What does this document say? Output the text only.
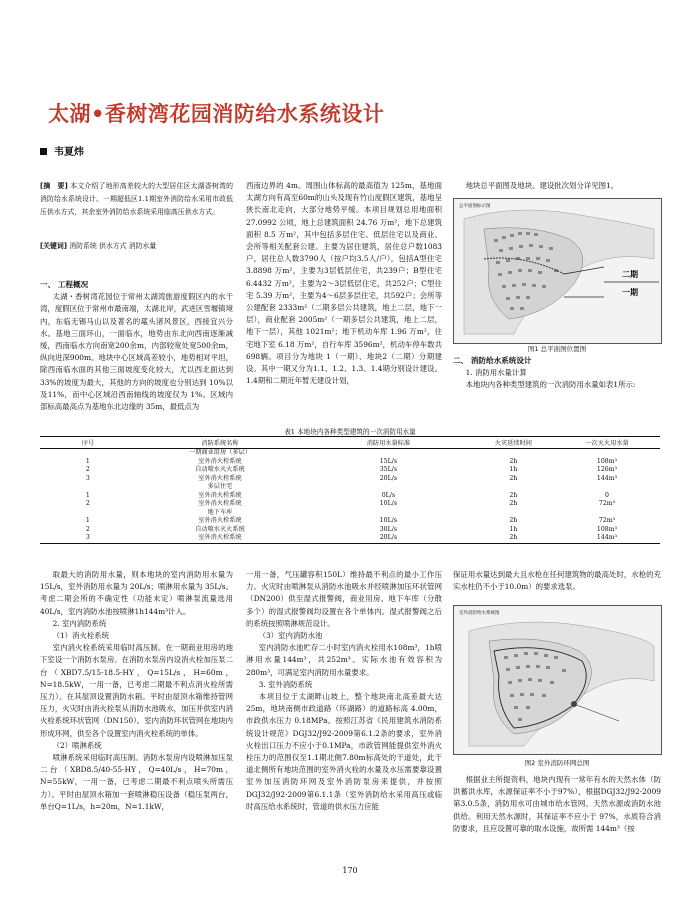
太湖•香树湾花园消防给水系统设计
韦夏炜
[摘　要] 本文介绍了地形高差较大的大型居住区太湖香树湾的消防给水系统设计。一期超低区1.1期室外消防给水采用市政低压供水方式，其余室外消防给水系统采用临高压供水方式。
[关键词] 消防系统 供水方式 消防水量

一、 工程概况

太湖・香树湾花园位于常州太湖湾旅游度假区内的水干湾，度假区位于常州市最南端，太湖北岸，武进区雪堰镇境内，东临无锡马山以及著名的鼋头渚风景区，西接宜兴分水。基地三面环山，一面临水，地势由东北向西南逐渐减缓，西南临水方向南宽200余m，内部较宽处宽500余m，纵向进深900m。地块中心区域高差较小，地势相对平坦，除西南临水面的其他三面坡度变化较大，尤以西北面达到 33%的坡度为最大，其他的方向的坡度也分别达到 10%以及11%，而中心区域沿西南轴线的坡度仅为 1%。区域内部标高最高点为基地东北边缘的 35m，最低点为

西南边界的 4m。周围山体标高的最高值为 125m，基地面太湖方向有高至60m的山头及现有竹山度假区建筑，基地呈狭长南北走向，大部分地势平缓。本项目规划总用地面积 27.0992 公顷，地上总建筑面积 24.76 万m²，地下总建筑面积 8.5 万m²，其中包括多层住宅、低层住宅以及商业、会所等相关配套公建。主要为居住建筑，居住总户数1083户，居住总人数3790人（按户均3.5人/户），包括A型住宅 3.8898 万m²，主要为3层低层住宅，共239户；B型住宅 6.4432 万m²，主要为2～3层低层住宅，共252户；C型住宅 5.39 万m²，主要为4～6层多层住宅，共592户；会所等公建配套 2333m²（二期多层公共建筑，地上二层，地下一层），商业配套 2005m²（一期多层公共建筑，地上二层，地下一层），其他 1021m²；地下机动车库 1.96 万m²，住宅地下室 6.18 万m²，自行车库 3596m²，机动车停车数共698辆。项目分为地块 1（一期）、地块2（二期）分期建设。其中一期又分为1.1、1.2、1.3、1.4期分别设计建设。1.4期和二期近年暂无建设计划，

地块总平面图及地块、建设批次划分详见图1。

总平面图标示图
二期
一期
图1 总平面图位置图

二、 消防给水系统设计

1. 消防用水量计算

本地块内各种类型建筑的一次消防用水量如表1所示:

表1 本地块内各种类型建筑的一次消防用水量
序号	消防系统名称	消防用水量标准	火灾延续时间	一次灭火用水量
	一期商业用房（多层）			
1	室外消火栓系统	15L/s	2h	108m³
2	自动喷水灭火系统	35L/s	1h	126m³
3	室外消火栓系统	20L/s	2h	144m³
	多层住宅			
1	室外消火栓系统	0L/s	2h	0
2	室外消火栓系统	10L/s	2h	72m³
	地下车库			
1	室外消火栓系统	10L/s	2h	72m³
2	自动喷水灭火系统	30L/s	1h	108m³
3	室外消火栓系统	20L/s	2h	144m³

取最大的消防用水量，则本地块的室内消防用水量为 15L/s，室外消防用水量为 20L/s；喷淋用水量为 35L/s。考虑二期会所的不确定性（功能未定）喷淋泵流量选用 40L/s，室内消防水池按喷淋1h144m³计入。

2. 室内消防系统

（1）消火栓系统

室内消火栓系统采用临时高压制。在一期商业用房的地下室设一个消防水泵房。在消防水泵房内设消火栓加压泵二台（XBD7.5/15-18.5-HY，Q=15L/s，H=60m，N=18.5kW，一用一备，已考虑二期最不利点消火栓所需压力）。在其屋顶设置消防水箱。平时由屋顶水箱维持管网压力，火灾时由消火栓泵从消防水池吸水，加压并供室内消火栓系统环状管网（DN150）。室内消防环状管网在地块内形成环网，供至各个设置室内消火栓系统的单体。

（2）喷淋系统

喷淋系统采用临时高压制。消防水泵房内设喷淋加压泵二台（XBD8.5/40-55-HY，Q=40L/s，H=70m，N=55kW，一用一备，已考虑二期最不利点喷头所需压力）。平时由屋顶水箱加一套喷淋稳压设备（稳压泵两台，单台Q=1L/s，h=20m，N=1.1kW，

一用一备，气压罐容积150L）维持最不利点的最小工作压力。火灾时由喷淋泵从消防水池吸水并经喷淋加压环状管网（DN200）供至湿式报警阀，商业用房、地下车库（分散多个）的湿式报警阀均设置在各个单体内。湿式报警阀之后的系统按照喷淋规范设计。

（3）室内消防水池

室内消防水池贮存二小时室内消火栓用水108m³，1h喷淋用水量144m³，共252m³。实际水池有效容积为280m³，可满足室内消防用水量要求。

3. 室外消防系统

本项目位于太湖畔山坡上，整个地块南北高差最大达 25m，地块南侧市政道路（环湖路）的道路标高 4.00m，市政供水压力 0.18MPa。按照江苏省《民用建筑水消防系统设计规范》DGJ32/J92-2009第6.1.2条的要求，室外消火栓出口压力不应小于0.1MPa，市政管网能提供室外消火栓压力的范围仅至1.1期北侧7.80m标高处的干道处，此干道北侧所有地块范围的室外消火栓的水量及水压需要靠设置室外加压消防环网及室外消防泵房来提供，并按照DGJ32/J92-2009第6.1.1条（室外消防给水采用高压或临时高压给水系统时，管道的供水压力应能

保证用水量达到最大且水枪在任何建筑物的最高处时，水枪的充实水柱仍不小于10.0m）的要求选泵。

室外消防给水系统图
图2 室外消防环网总图

根据业主所提资料，地块内现有一常年有水的天然水体（防洪蓄洪水库，水源保证率不小于97%），根据DGJ32/J92-2009第3.0.5条，消防用水可由城市给水管网、天然水源或消防水池供给。利用天然水源时，其保证率不应小于 97%，水质符合消防要求，且应设置可靠的取水设施，故所需 144m³（按

170
